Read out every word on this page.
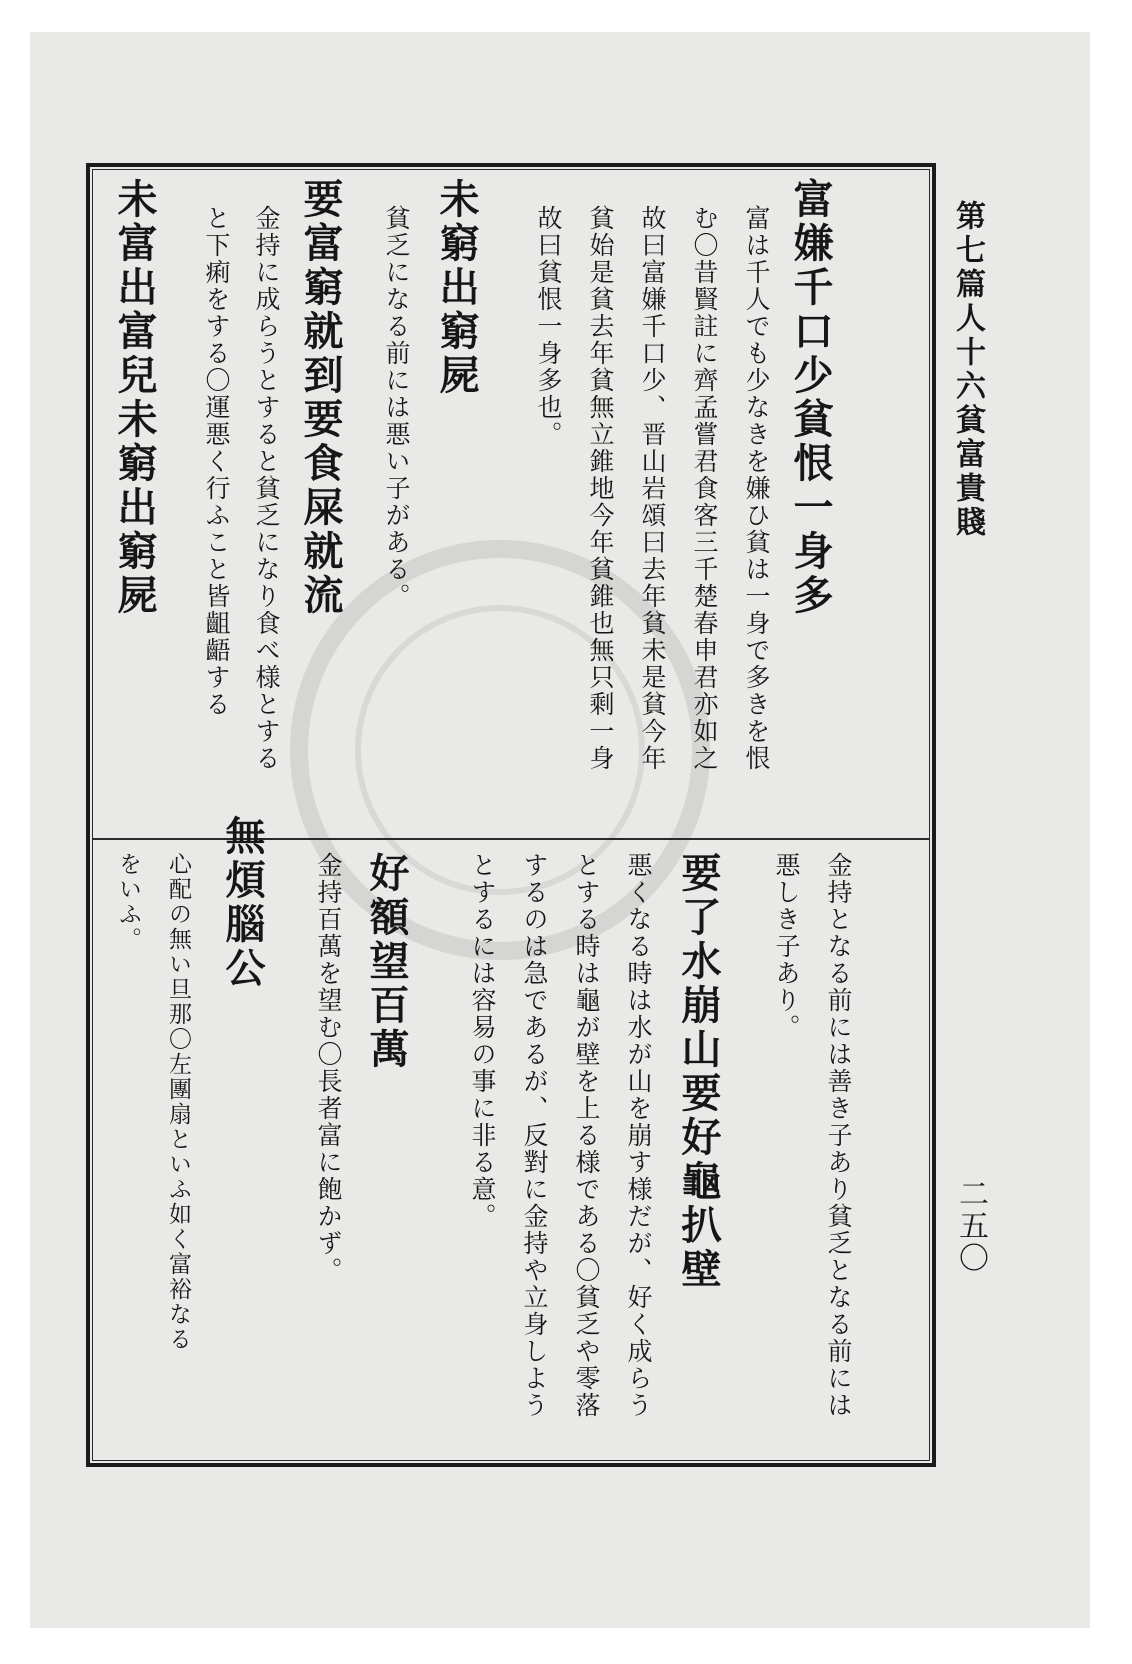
第七篇人十六貧富貴賤
二五〇
富嫌千口少貧恨一身多
富は千人でも少なきを嫌ひ貧は一身で多きを恨
む〇昔賢註に齊孟嘗君食客三千楚春申君亦如之
故曰富嫌千口少、晋山岩頌曰去年貧未是貧今年
貧始是貧去年貧無立錐地今年貧錐也無只剩一身
故曰貧恨一身多也。
未窮出窮屍
貧乏になる前には悪い子がある。
要富窮就到要食屎就流
金持に成らうとすると貧乏になり食べ様とする
と下痢をする〇運悪く行ふこと皆齟齬する
未富出富兒未窮出窮屍
金持となる前には善き子あり貧乏となる前には
悪しき子あり。
要了水崩山要好龜扒壁
悪くなる時は水が山を崩す様だが、好く成らう
とする時は龜が壁を上る様である〇貧乏や零落
するのは急であるが、反對に金持や立身しよう
とするには容易の事に非る意。
好額望百萬
金持百萬を望む〇長者富に飽かず。
無煩腦公
心配の無い旦那〇左團扇といふ如く富裕なる
をいふ。
